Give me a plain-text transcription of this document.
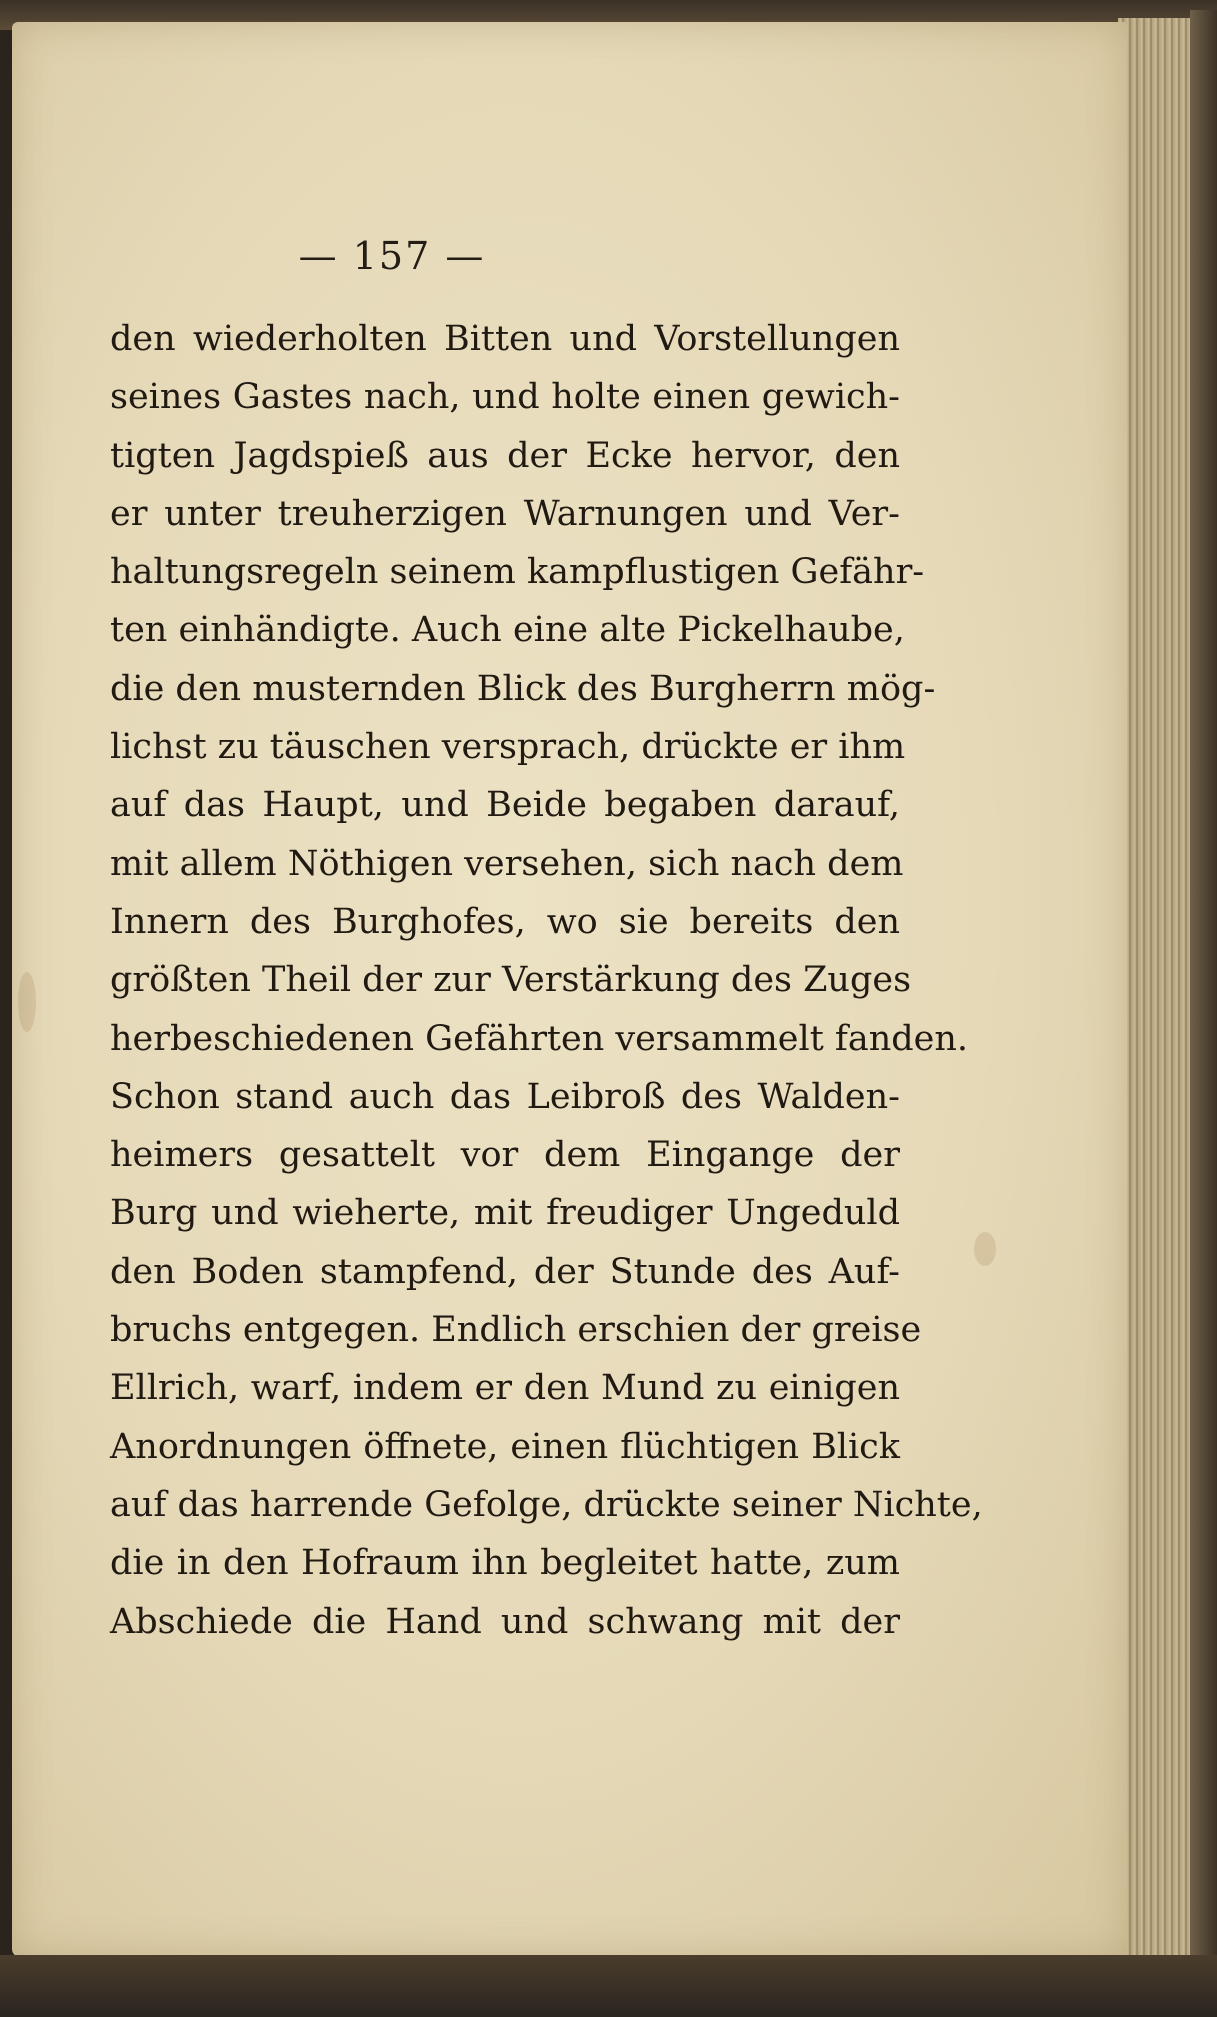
— 157 —
den wiederholten Bitten und Vorstellungen
seines Gastes nach, und holte einen gewich-
tigten Jagdspieß aus der Ecke hervor, den
er unter treuherzigen Warnungen und Ver-
haltungsregeln seinem kampflustigen Gefähr-
ten einhändigte. Auch eine alte Pickelhaube,
die den musternden Blick des Burgherrn mög-
lichst zu täuschen versprach, drückte er ihm
auf das Haupt, und Beide begaben darauf,
mit allem Nöthigen versehen, sich nach dem
Innern des Burghofes, wo sie bereits den
größten Theil der zur Verstärkung des Zuges
herbeschiedenen Gefährten versammelt fanden.
Schon stand auch das Leibroß des Walden-
heimers gesattelt vor dem Eingange der
Burg und wieherte, mit freudiger Ungeduld
den Boden stampfend, der Stunde des Auf-
bruchs entgegen. Endlich erschien der greise
Ellrich, warf, indem er den Mund zu einigen
Anordnungen öffnete, einen flüchtigen Blick
auf das harrende Gefolge, drückte seiner Nichte,
die in den Hofraum ihn begleitet hatte, zum
Abschiede die Hand und schwang mit der
